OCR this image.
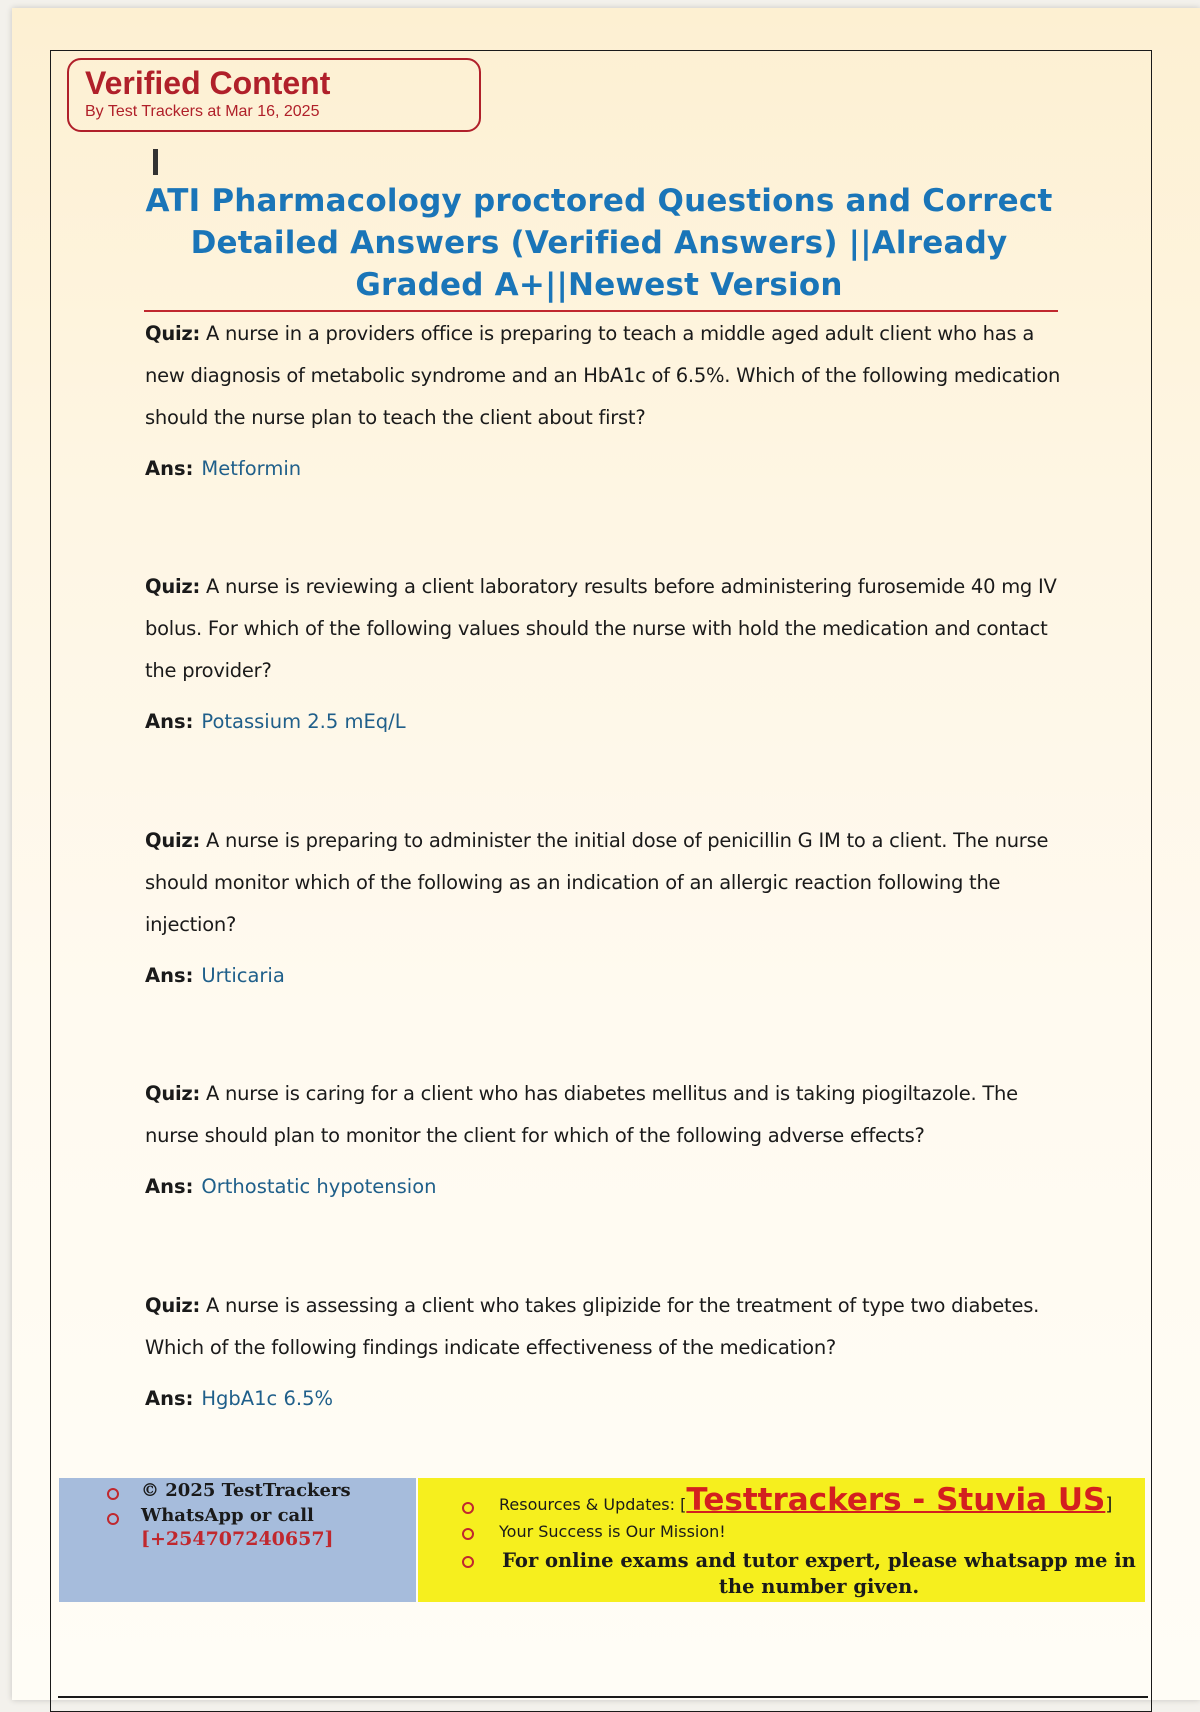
Verified Content
By Test Trackers at Mar 16, 2025
ATI Pharmacology proctored Questions and Correct Detailed Answers (Verified Answers) ||Already Graded A+||Newest Version
Quiz: A nurse in a providers office is preparing to teach a middle aged adult client who has a new diagnosis of metabolic syndrome and an HbA1c of 6.5%. Which of the following medication should the nurse plan to teach the client about first?
Ans: Metformin
Quiz: A nurse is reviewing a client laboratory results before administering furosemide 40 mg IV bolus. For which of the following values should the nurse with hold the medication and contact the provider?
Ans: Potassium 2.5 mEq/L
Quiz: A nurse is preparing to administer the initial dose of penicillin G IM to a client. The nurse should monitor which of the following as an indication of an allergic reaction following the injection?
Ans: Urticaria
Quiz: A nurse is caring for a client who has diabetes mellitus and is taking piogiltazole. The nurse should plan to monitor the client for which of the following adverse effects?
Ans: Orthostatic hypotension
Quiz: A nurse is assessing a client who takes glipizide for the treatment of type two diabetes. Which of the following findings indicate effectiveness of the medication?
Ans: HgbA1c 6.5%
© 2025 TestTrackers
WhatsApp or call
[+254707240657]
Resources & Updates: [Testtrackers - Stuvia US]
Your Success is Our Mission!
For online exams and tutor expert, please whatsapp me in the number given.
